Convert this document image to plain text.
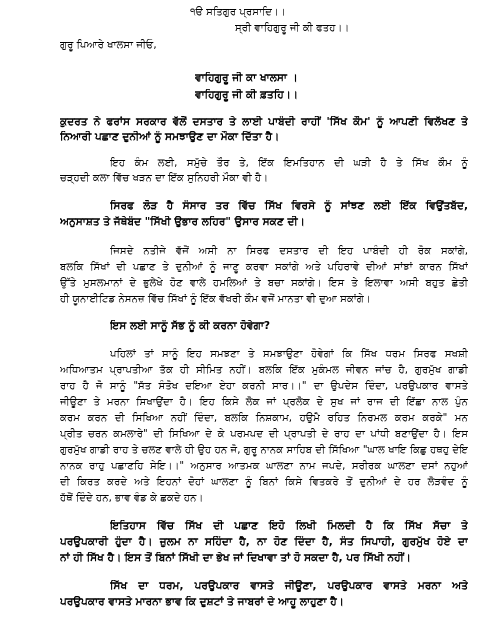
੧ੳ ਸਤਿਗੁਰ ਪ੍ਰਸਾਦਿ।।
ਸ੍ਰੀ ਵਾਹਿਗੁਰੂ ਜੀ ਕੀ ਫਤਹ।।
ਗੁਰੂ ਪਿਆਰੇ ਖਾਲਸਾ ਜੀਓ,
ਵਾਹਿਗੁਰੂ ਜੀ ਕਾ ਖਾਲਸਾ ।
ਵਾਹਿਗੁਰੂ ਜੀ ਕੀ ਫ਼ਤਹਿ।।
ਕੁਦਰਤ ਨੇ ਫਰਾਂਸ ਸਰਕਾਰ ਵੱਲੋਂ ਦਸਤਾਰ ਤੇ ਲਾਈ ਪਾਬੰਦੀ ਰਾਹੀਂ 'ਸਿੱਖ ਕੌਮ' ਨੂੰ ਆਪਣੀ ਵਿਲੱਖਣ ਤੇ
ਨਿਆਰੀ ਪਛਾਣ ਦੁਨੀਆਂ ਨੂੰ ਸਮਝਾਉਣ ਦਾ ਮੌਕਾ ਦਿੱਤਾ ਹੈ।
ਇਹ ਕੰਮ ਲਈ, ਸਮੁੱਚੇ ਤੌਰ ਤੇ, ਇੱਕ ਇਮਤਿਹਾਨ ਦੀ ਘੜੀ ਹੈ ਤੇ ਸਿੱਖ ਕੌਮ ਨੂੰ
ਚੜ੍ਹਦੀ ਕਲਾ ਵਿੱਚ ਖੜਨ ਦਾ ਇੱਕ ਸੁਨਿਹਰੀ ਮੌਕਾ ਵੀ ਹੈ।
ਸਿਰਫ ਲੋੜ ਹੈ ਸੰਸਾਰ ਤਰ ਵਿੱਚ ਸਿੱਖ ਵਿਰਸੇ ਨੂੰ ਸਾਂਝਣ ਲਈ ਇੱਕ ਵਿਉਂਤਬੱਦ,
ਅਨੁਸਾਸ਼ਤ ਤੇ ਜੱਥੇਬੰਦ "ਸਿੱਖੀ ਉਭਾਰ ਲਹਿਰ" ਉਸਾਰ ਸਕਣ ਦੀ।
ਜਿਸਦੇ ਨਤੀਜੇ ਵੱਜੋਂ ਅਸੀ ਨਾ ਸਿਰਫ ਦਸਤਾਰ ਦੀ ਇਹ ਪਾਬੰਦੀ ਹੀ ਰੋਕ ਸਕਾਂਗੇ,
ਬਲਕਿ ਸਿੱਖਾਂ ਦੀ ਪਛਾਣ ਤੇ ਦੁਨੀਆਂ ਨੂੰ ਜਾਣੂ ਕਰਵਾ ਸਕਾਂਗੇ ਅਤੇ ਪਹਿਰਾਵੇ ਦੀਆਂ ਸਾਂਝਾਂ ਕਾਰਨ ਸਿੱਖਾਂ
ਉੱਤੇ ਮੁਸਲਮਾਨਾਂ ਦੇ ਭੁਲੇਖੇ ਹੋਣ ਵਾਲੇ ਹਮਲਿਆਂ ਤੇ ਬਚਾ ਸਕਾਂਗੇ। ਇਸ ਤੇ ਇਲਾਵਾ ਅਸੀ ਬਹੁਤ ਛੇਤੀ
ਹੀ ਯੂਨਾਈਟਿਡ ਨੇਸਨਜ਼ ਵਿੱਚ ਸਿੱਖਾਂ ਨੂੰ ਇੱਕ ਵੱਖਰੀ ਕੌਮ ਵਜੋਂ ਮਾਨਤਾ ਵੀ ਦੁਆ ਸਕਾਂਗੇ।
ਇਸ ਲਈ ਸਾਨੂੰ ਸੱਭ ਨੂੰ ਕੀ ਕਰਨਾ ਹੋਵੇਗਾ?
ਪਹਿਲਾਂ ਤਾਂ ਸਾਨੂੰ ਇਹ ਸਮਝਣਾ ਤੇ ਸਮਝਾਉਣਾ ਹੋਵੇਗਾਂ ਕਿ ਸਿੱਖ ਧਰਮ ਸਿਰਫ ਸਖਸ਼ੀ
ਅਧਿਆਤਮ ਪ੍ਰਾਪਤੀਆ ਤੱਕ ਹੀ ਸੀਮਿਤ ਨਹੀਂ। ਬਲਕਿ ਇੱਕ ਮੁਕੰਮਲ ਜੀਵਨ ਜਾਂਚ ਹੈ, ਗੁਰਮੁੱਖ ਗਾਡੀ
ਰਾਹ ਹੈ ਜੋ ਸਾਨੂੰ "ਸੱਤ ਸੰਤੋਖ ਦਇਆ ਏਹਾ ਕਰਨੀ ਸਾਰ।।" ਦਾ ਉਪਦੇਸ ਦਿੰਦਾ, ਪਰਉਪਕਾਰ ਵਾਸਤੇ
ਜੀਊਣਾ ਤੇ ਮਰਨਾ ਸਿਖਾਉਂਦਾ ਹੈ। ਇਹ ਕਿਸੇ ਲੋਕ ਜਾਂ ਪ੍ਰਲੋਕ ਦੇ ਸੁਖ ਜਾਂ ਰਾਜ ਦੀ ਇੱਛਾ ਨਾਲ ਪੁੰਨ
ਕਰਮ ਕਰਨ ਦੀ ਸਿਖਿਆ ਨਹੀਂ ਦਿੰਦਾ, ਬਲਕਿ ਨਿਸ਼ਕਾਮ, ਹਉਮੈ ਰਹਿਤ ਨਿਰਮਲ ਕਰਮ ਕਰਕੇ" ਮਨ
ਪ੍ਰੀਤ ਚਰਨ ਕਮਲਾਰੇ" ਦੀ ਸਿਖਿਆ ਦੇ ਕੇ ਪਰਮਪਦ ਦੀ ਪ੍ਰਾਪਤੀ ਦੇ ਰਾਹ ਦਾ ਪਾਂਧੀ ਬਣਾਉਂਦਾ ਹੈ। ਇਸ
ਗੁਰਮੁੱਖ ਗਾਡੀ ਰਾਹ ਤੇ ਚਲਣ ਵਾਲੇ ਹੀ ਉਹ ਹਨ ਜੋ, ਗੁਰੂ ਨਾਨਕ ਸਾਹਿਬ ਦੀ ਸਿੱਖਿਆ "ਘਾਲ ਖਾਇ ਕਿਛੁ ਹਥਹੁ ਦੇਇ
ਨਾਨਕ ਰਾਹੁ ਪਛਾਣਹਿ ਸੇਇ।।" ਅਨੁਸਾਰ ਆਤਮਕ ਘਾਲਣਾ ਨਾਮ ਜਪਦੇ, ਸਰੀਰਕ ਘਾਲਣਾ ਦਸਾਂ ਨਹੁਆਂ
ਦੀ ਕਿਰਤ ਕਰਦੇ ਅਤੇ ਇਹਨਾਂ ਦੋਹਾਂ ਘਾਲਣਾ ਨੂੰ ਬਿਨਾਂ ਕਿਸੇ ਵਿਤਕਰੇ ਤੋਂ ਦੁਨੀਆਂ ਦੇ ਹਰ ਲੋੜਵੰਦ ਨੂੰ
ਹੱਥੋਂ ਦਿੰਦੇ ਹਨ, ਭਾਵ ਵੰਡ ਕੇ ਛਕਦੇ ਹਨ।
ਇਤਿਹਾਸ ਵਿੱਚ ਸਿੱਖ ਦੀ ਪਛਾਣ ਇਹੋ ਲਿਖੀ ਮਿਲਦੀ ਹੈ ਕਿ ਸਿੱਖ ਸੱਚਾ ਤੇ
ਪਰਉਪਕਾਰੀ ਹੁੰਦਾ ਹੈ। ਜ਼ੁਲਮ ਨਾ ਸਹਿੰਦਾ ਹੈ, ਨਾ ਹੋਣ ਦਿੰਦਾ ਹੈ, ਸੰਤ ਸਿਪਾਹੀ, ਗੁਰਮੁੱਖ ਹੋਏ ਦਾ
ਨਾਂ ਹੀ ਸਿੱਖ ਹੈ। ਇਸ ਤੋਂ ਬਿਨਾਂ ਸਿੱਖੀ ਦਾ ਭੇਖ ਜਾਂ ਦਿਖਾਵਾ ਤਾਂ ਹੋ ਸਕਦਾ ਹੈ, ਪਰ ਸਿੱਖੀ ਨਹੀਂ।
ਸਿੱਖ ਦਾ ਧਰਮ, ਪਰਉਪਕਾਰ ਵਾਸਤੇ ਜੀਊਣਾ, ਪਰਉਪਕਾਰ ਵਾਸਤੇ ਮਰਨਾ ਅਤੇ
ਪਰਉਪਕਾਰ ਵਾਸਤੇ ਮਾਰਨਾ ਭਾਵ ਕਿ ਦੁਸ਼ਟਾਂ ਤੇ ਜਾਬਰਾਂ ਦੇ ਆਹੂ ਲਾਹੁਣਾ ਹੈ।
